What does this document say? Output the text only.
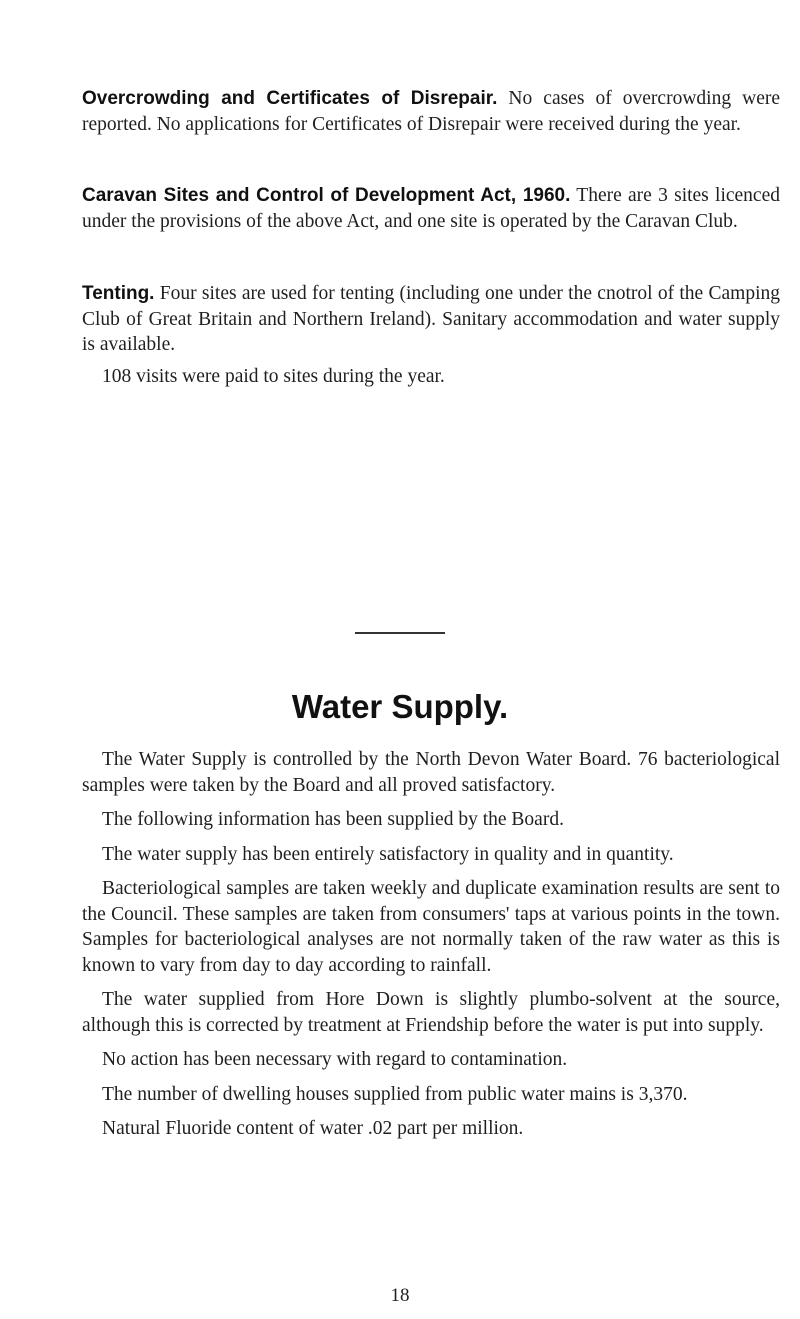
Overcrowding and Certificates of Disrepair. No cases of overcrowding were reported. No applications for Certificates of Disrepair were received during the year.

Caravan Sites and Control of Development Act, 1960. There are 3 sites licenced under the provisions of the above Act, and one site is operated by the Caravan Club.

Tenting. Four sites are used for tenting (including one under the cnotrol of the Camping Club of Great Britain and Northern Ireland). Sanitary accommodation and water supply is available.

108 visits were paid to sites during the year.

Water Supply.

The Water Supply is controlled by the North Devon Water Board. 76 bacteriological samples were taken by the Board and all proved satisfactory.

The following information has been supplied by the Board.

The water supply has been entirely satisfactory in quality and in quantity.

Bacteriological samples are taken weekly and duplicate examination results are sent to the Council. These samples are taken from consumers' taps at various points in the town. Samples for bacteriological analyses are not normally taken of the raw water as this is known to vary from day to day according to rainfall.

The water supplied from Hore Down is slightly plumbo-solvent at the source, although this is corrected by treatment at Friendship before the water is put into supply.

No action has been necessary with regard to contamination.

The number of dwelling houses supplied from public water mains is 3,370.

Natural Fluoride content of water .02 part per million.

18
